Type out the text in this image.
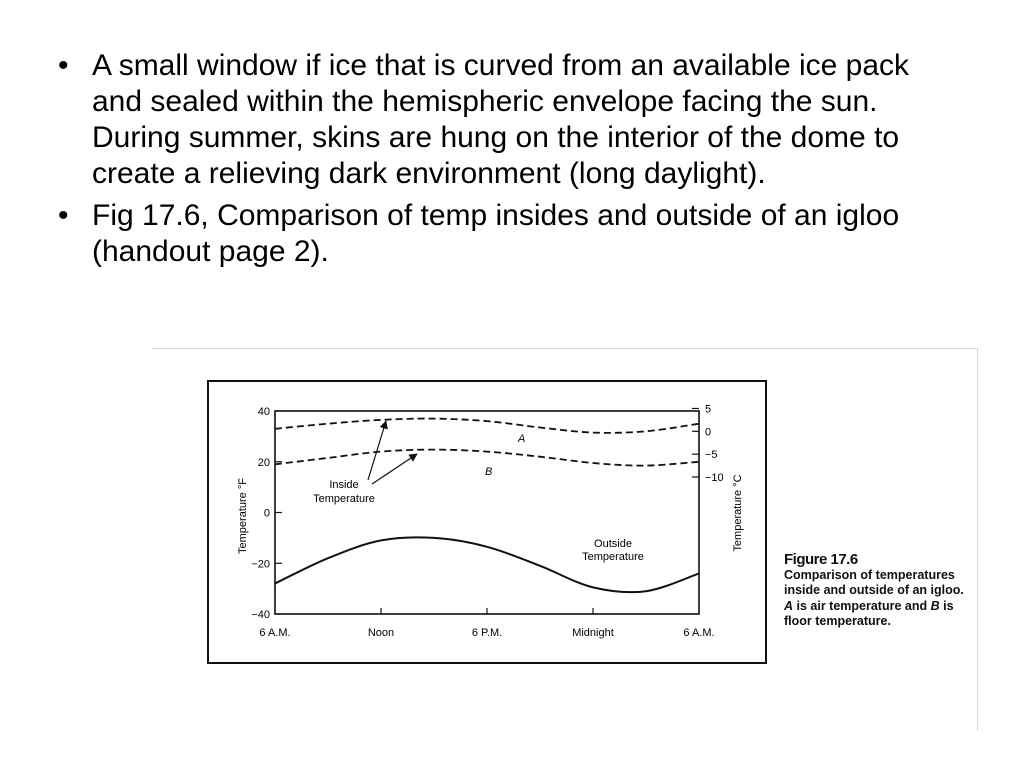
• A small window if ice that is curved from an available ice pack and sealed within the hemispheric envelope facing the sun. During summer, skins are hung on the interior of the dome to create a relieving dark environment (long daylight).
• Fig 17.6, Comparison of temp insides and outside of an igloo (handout page 2).
40
20
0
−20
−40
5
0
−5
−10
6 A.M.	Noon	6 P.M.	Midnight	6 A.M.
Temperature °F	Temperature °C
A
B
Inside
Temperature
Outside
Temperature	Figure 17.6
Comparison of temperatures inside and outside of an igloo. A is air temperature and B is floor temperature.
